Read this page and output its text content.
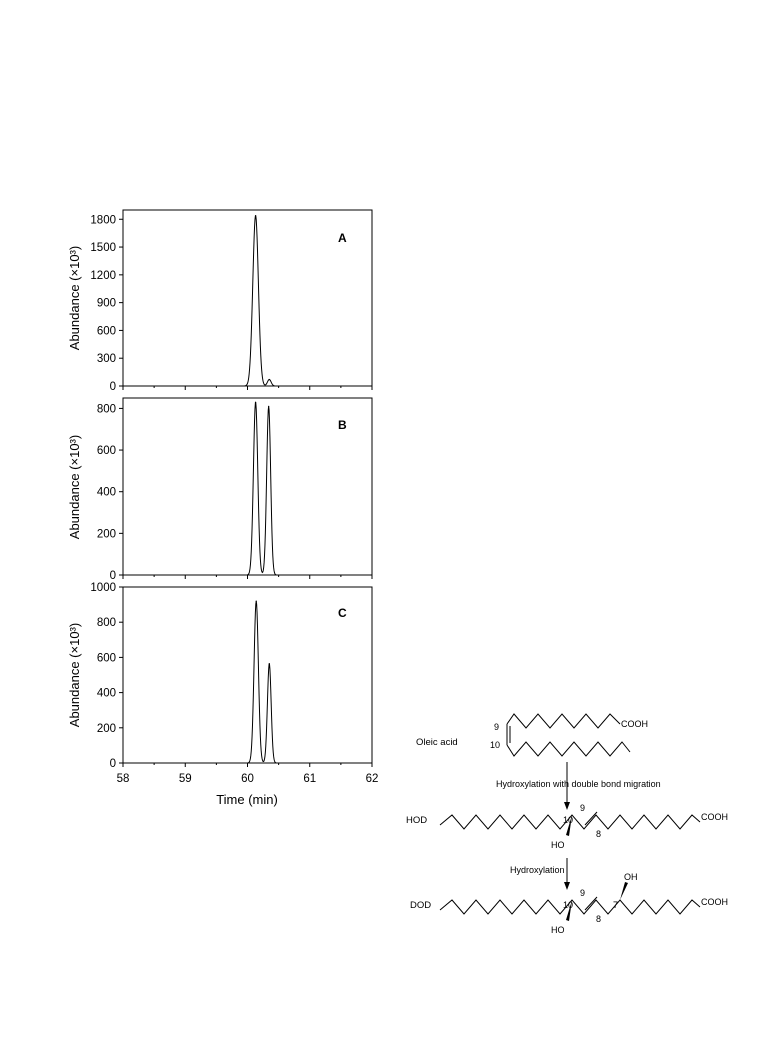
Abundance (×10³)
A
0
300
600
900
1200
1500
1800
Abundance (×10³)
B
0
200
400
600
800
Abundance (×10³)
C
Time (min)
0
200
400
600
800
1000
58	59	60	61	62
Oleic acid
COOH
9
10
Hydroxylation with double bond migration
HOD	COOH
10
9
8
HO
Hydroxylation
DOD	COOH
10
9
8
7
HO
OH
